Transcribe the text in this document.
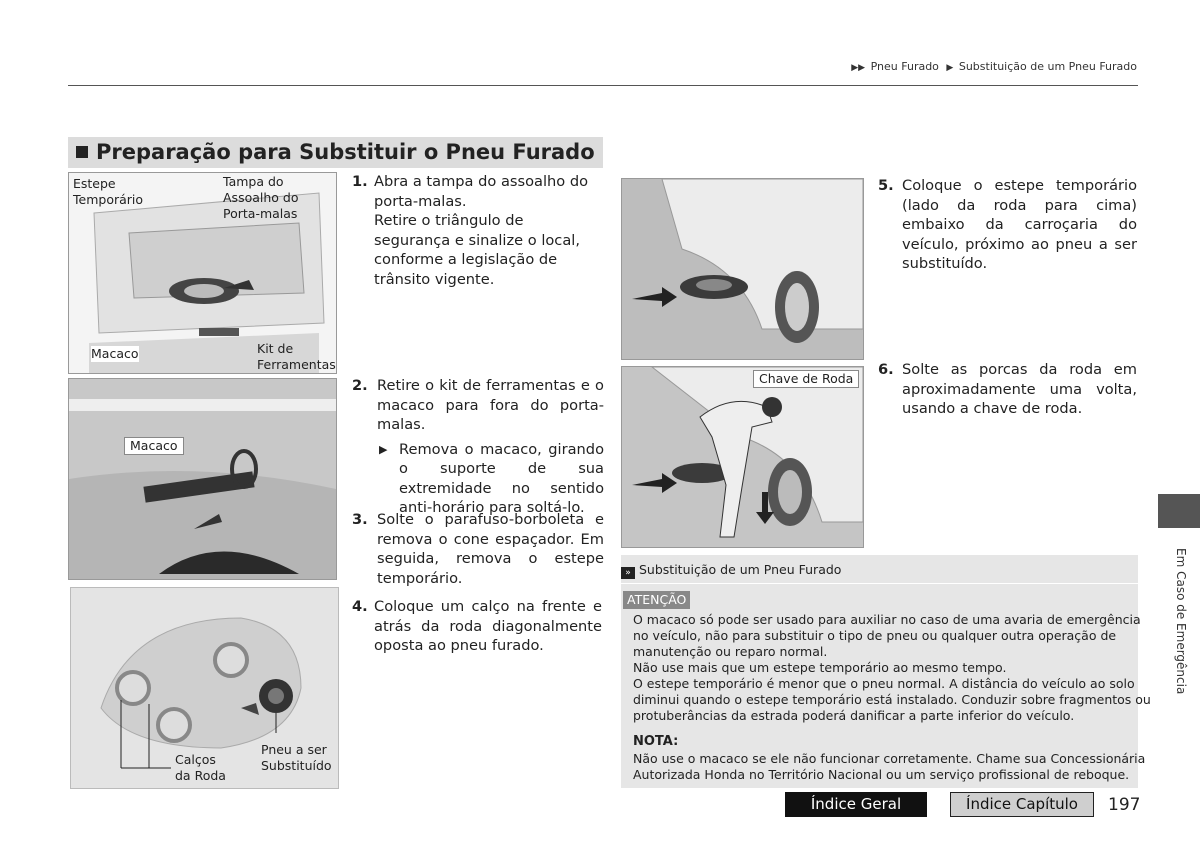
▶▶ Pneu Furado ▶ Substituição de um Pneu Furado
Preparação para Substituir o Pneu Furado
Estepe
Temporário
Tampa do
Assoalho do
Porta-malas
Macaco	Kit de
Ferramentas
Macaco
Calços
da Roda
Pneu a ser
Substituído
Chave de Roda
1. Abra a tampa do assoalho do porta-malas.
Retire o triângulo de segurança e sinalize o local, conforme a legislação de trânsito vigente.
2. Retire o kit de ferramentas e o macaco para fora do porta-malas.
▶ Remova o macaco, girando o suporte de sua extremidade no sentido anti-horário para soltá-lo.
3. Solte o parafuso-borboleta e remova o cone espaçador. Em seguida, remova o estepe temporário.
4. Coloque um calço na frente e atrás da roda diagonalmente oposta ao pneu furado.
5. Coloque o estepe temporário (lado da roda para cima) embaixo da carroçaria do veículo, próximo ao pneu a ser substituído.
6. Solte as porcas da roda em aproximadamente uma volta, usando a chave de roda.
» Substituição de um Pneu Furado
ATENÇÃO
O macaco só pode ser usado para auxiliar no caso de uma avaria de emergência
no veículo, não para substituir o tipo de pneu ou qualquer outra operação de
manutenção ou reparo normal.
Não use mais que um estepe temporário ao mesmo tempo.
O estepe temporário é menor que o pneu normal. A distância do veículo ao solo
diminui quando o estepe temporário está instalado. Conduzir sobre fragmentos ou
protuberâncias da estrada poderá danificar a parte inferior do veículo.
NOTA:
Não use o macaco se ele não funcionar corretamente. Chame sua Concessionária
Autorizada Honda no Território Nacional ou um serviço profissional de reboque.
Índice Geral	Índice Capítulo	197
Em Caso de Emergência
